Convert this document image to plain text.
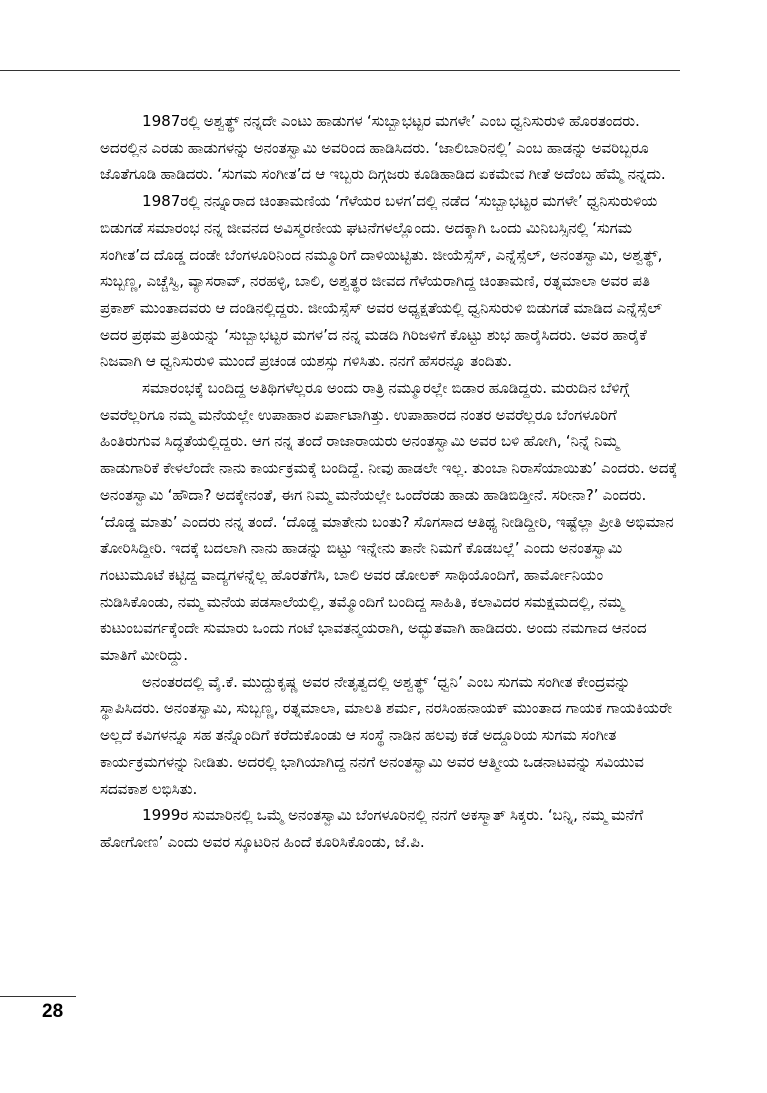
1987ರಲ್ಲಿ ಅಶ್ವತ್ಥ್ ನನ್ನದೇ ಎಂಟು ಹಾಡುಗಳ ‘ಸುಬ್ಬಾಭಟ್ಟರ ಮಗಳೇ’ ಎಂಬ ಧ್ವನಿಸುರುಳಿ ಹೊರತಂದರು. ಅದರಲ್ಲಿನ ಎರಡು ಹಾಡುಗಳನ್ನು ಅನಂತಸ್ವಾಮಿ ಅವರಿಂದ ಹಾಡಿಸಿದರು. ‘ಜಾಲಿಬಾರಿನಲ್ಲಿ’ ಎಂಬ ಹಾಡನ್ನು ಅವರಿಬ್ಬರೂ ಜೊತೆಗೂಡಿ ಹಾಡಿದರು. ‘ಸುಗಮ ಸಂಗೀತ’ದ ಆ ಇಬ್ಬರು ದಿಗ್ಗಜರು ಕೂಡಿಹಾಡಿದ ಏಕಮೇವ ಗೀತೆ ಅದೆಂಬ ಹೆಮ್ಮೆ ನನ್ನದು.

1987ರಲ್ಲಿ ನನ್ನೂರಾದ ಚಿಂತಾಮಣಿಯ ‘ಗೆಳೆಯರ ಬಳಗ’ದಲ್ಲಿ ನಡೆದ ‘ಸುಬ್ಬಾಭಟ್ಟರ ಮಗಳೇ’ ಧ್ವನಿಸುರುಳಿಯ ಬಿಡುಗಡೆ ಸಮಾರಂಭ ನನ್ನ ಜೀವನದ ಅವಿಸ್ಮರಣೀಯ ಘಟನೆಗಳಲ್ಲೊಂದು. ಅದಕ್ಕಾಗಿ ಒಂದು ಮಿನಿಬಸ್ಸಿನಲ್ಲಿ ‘ಸುಗಮ ಸಂಗೀತ’ದ ದೊಡ್ಡ ದಂಡೇ ಬೆಂಗಳೂರಿನಿಂದ ನಮ್ಮೂರಿಗೆ ದಾಳಿಯಿಟ್ಟಿತು. ಜೀಯೆಸ್ಸೆಸ್, ಎನ್ನೆಸ್ಸೆಲ್, ಅನಂತಸ್ವಾಮಿ, ಅಶ್ವತ್ಥ್, ಸುಬ್ಬಣ್ಣ, ಎಚ್ಚೆಸ್ವಿ, ವ್ಯಾಸರಾವ್, ನರಹಳ್ಳಿ, ಬಾಲಿ, ಅಶ್ವತ್ಥರ ಜೀವದ ಗೆಳೆಯರಾಗಿದ್ದ ಚಿಂತಾಮಣಿ, ರತ್ನಮಾಲಾ ಅವರ ಪತಿ ಪ್ರಕಾಶ್ ಮುಂತಾದವರು ಆ ದಂಡಿನಲ್ಲಿದ್ದರು. ಜೀಯೆಸ್ಸೆಸ್ ಅವರ ಅಧ್ಯಕ್ಷತೆಯಲ್ಲಿ ಧ್ವನಿಸುರುಳಿ ಬಿಡುಗಡೆ ಮಾಡಿದ ಎನ್ನೆಸ್ಸೆಲ್ ಅದರ ಪ್ರಥಮ ಪ್ರತಿಯನ್ನು ‘ಸುಬ್ಬಾಭಟ್ಟರ ಮಗಳ’ದ ನನ್ನ ಮಡದಿ ಗಿರಿಜಳಿಗೆ ಕೊಟ್ಟು ಶುಭ ಹಾರೈಸಿದರು. ಅವರ ಹಾರೈಕೆ ನಿಜವಾಗಿ ಆ ಧ್ವನಿಸುರುಳಿ ಮುಂದೆ ಪ್ರಚಂಡ ಯಶಸ್ಸು ಗಳಿಸಿತು. ನನಗೆ ಹೆಸರನ್ನೂ ತಂದಿತು.

ಸಮಾರಂಭಕ್ಕೆ ಬಂದಿದ್ದ ಅತಿಥಿಗಳೆಲ್ಲರೂ ಅಂದು ರಾತ್ರಿ ನಮ್ಮೂರಲ್ಲೇ ಬಿಡಾರ ಹೂಡಿದ್ದರು. ಮರುದಿನ ಬೆಳಿಗ್ಗೆ ಅವರೆಲ್ಲರಿಗೂ ನಮ್ಮ ಮನೆಯಲ್ಲೇ ಉಪಾಹಾರ ಏರ್ಪಾಟಾಗಿತ್ತು. ಉಪಾಹಾರದ ನಂತರ ಅವರೆಲ್ಲರೂ ಬೆಂಗಳೂರಿಗೆ ಹಿಂತಿರುಗುವ ಸಿದ್ಧತೆಯಲ್ಲಿದ್ದರು. ಆಗ ನನ್ನ ತಂದೆ ರಾಜಾರಾಯರು ಅನಂತಸ್ವಾಮಿ ಅವರ ಬಳಿ ಹೋಗಿ, ‘ನಿನ್ನೆ ನಿಮ್ಮ ಹಾಡುಗಾರಿಕೆ ಕೇಳಲೆಂದೇ ನಾನು ಕಾರ್ಯಕ್ರಮಕ್ಕೆ ಬಂದಿದ್ದೆ. ನೀವು ಹಾಡಲೇ ಇಲ್ಲ. ತುಂಬಾ ನಿರಾಸೆಯಾಯಿತು’ ಎಂದರು. ಅದಕ್ಕೆ ಅನಂತಸ್ವಾಮಿ ‘ಹೌದಾ? ಅದಕ್ಕೇನಂತೆ, ಈಗ ನಿಮ್ಮ ಮನೆಯಲ್ಲೇ ಒಂದೆರಡು ಹಾಡು ಹಾಡಿಬಿಡ್ತೀನೆ. ಸರೀನಾ?’ ಎಂದರು. ‘ದೊಡ್ಡ ಮಾತು’ ಎಂದರು ನನ್ನ ತಂದೆ. ‘ದೊಡ್ಡ ಮಾತೇನು ಬಂತು? ಸೊಗಸಾದ ಆತಿಥ್ಯ ನೀಡಿದ್ದೀರಿ, ಇಷ್ಟೆಲ್ಲಾ ಪ್ರೀತಿ ಅಭಿಮಾನ ತೋರಿಸಿದ್ದೀರಿ. ಇದಕ್ಕೆ ಬದಲಾಗಿ ನಾನು ಹಾಡನ್ನು ಬಿಟ್ಟು ಇನ್ನೇನು ತಾನೇ ನಿಮಗೆ ಕೊಡಬಲ್ಲೆ’ ಎಂದು ಅನಂತಸ್ವಾಮಿ ಗಂಟುಮೂಟೆ ಕಟ್ಟಿದ್ದ ವಾದ್ಯಗಳನ್ನೆಲ್ಲ ಹೊರತೆಗೆಸಿ, ಬಾಲಿ ಅವರ ಡೋಲಕ್ ಸಾಥಿಯೊಂದಿಗೆ, ಹಾರ್ಮೋನಿಯಂ ನುಡಿಸಿಕೊಂಡು, ನಮ್ಮ ಮನೆಯ ಪಡಸಾಲೆಯಲ್ಲಿ, ತಮ್ಮೊಂದಿಗೆ ಬಂದಿದ್ದ ಸಾಹಿತಿ, ಕಲಾವಿದರ ಸಮಕ್ಷಮದಲ್ಲಿ, ನಮ್ಮ ಕುಟುಂಬವರ್ಗಕ್ಕೆಂದೇ ಸುಮಾರು ಒಂದು ಗಂಟೆ ಭಾವತನ್ಮಯರಾಗಿ, ಅದ್ಭುತವಾಗಿ ಹಾಡಿದರು. ಅಂದು ನಮಗಾದ ಆನಂದ ಮಾತಿಗೆ ಮೀರಿದ್ದು.

ಅನಂತರದಲ್ಲಿ ವೈ.ಕೆ. ಮುದ್ದುಕೃಷ್ಣ ಅವರ ನೇತೃತ್ವದಲ್ಲಿ ಅಶ್ವತ್ಥ್ ‘ಧ್ವನಿ’ ಎಂಬ ಸುಗಮ ಸಂಗೀತ ಕೇಂದ್ರವನ್ನು ಸ್ಥಾಪಿಸಿದರು. ಅನಂತಸ್ವಾಮಿ, ಸುಬ್ಬಣ್ಣ, ರತ್ನಮಾಲಾ, ಮಾಲತಿ ಶರ್ಮ, ನರಸಿಂಹನಾಯಕ್ ಮುಂತಾದ ಗಾಯಕ ಗಾಯಕಿಯರೇ ಅಲ್ಲದೆ ಕವಿಗಳನ್ನೂ ಸಹ ತನ್ನೊಂದಿಗೆ ಕರೆದುಕೊಂಡು ಆ ಸಂಸ್ಥೆ ನಾಡಿನ ಹಲವು ಕಡೆ ಅದ್ದೂರಿಯ ಸುಗಮ ಸಂಗೀತ ಕಾರ್ಯಕ್ರಮಗಳನ್ನು ನೀಡಿತು. ಅದರಲ್ಲಿ ಭಾಗಿಯಾಗಿದ್ದ ನನಗೆ ಅನಂತಸ್ವಾಮಿ ಅವರ ಆತ್ಮೀಯ ಒಡನಾಟವನ್ನು ಸವಿಯುವ ಸದವಕಾಶ ಲಭಿಸಿತು.

1999ರ ಸುಮಾರಿನಲ್ಲಿ ಒಮ್ಮೆ ಅನಂತಸ್ವಾಮಿ ಬೆಂಗಳೂರಿನಲ್ಲಿ ನನಗೆ ಅಕಸ್ಮಾತ್ ಸಿಕ್ಕರು. ‘ಬನ್ನಿ, ನಮ್ಮ ಮನೆಗೆ ಹೋಗೋಣ’ ಎಂದು ಅವರ ಸ್ಕೂಟರಿನ ಹಿಂದೆ ಕೂರಿಸಿಕೊಂಡು, ಜೆ.ಪಿ.

28
